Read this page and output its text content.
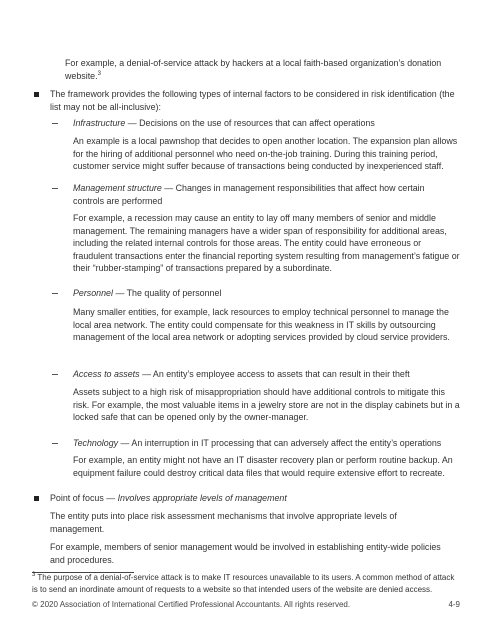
For example, a denial-of-service attack by hackers at a local faith-based organization’s donation website.$^3$

The framework provides the following types of internal factors to be considered in risk identification (the list may not be all-inclusive):

Infrastructure — Decisions on the use of resources that can affect operations

An example is a local pawnshop that decides to open another location. The expansion plan allows for the hiring of additional personnel who need on-the-job training. During this training period, customer service might suffer because of transactions being conducted by inexperienced staff.

Management structure — Changes in management responsibilities that affect how certain controls are performed

For example, a recession may cause an entity to lay off many members of senior and middle management. The remaining managers have a wider span of responsibility for additional areas, including the related internal controls for those areas. The entity could have erroneous or fraudulent transactions enter the financial reporting system resulting from management’s fatigue or their “rubber-stamping” of transactions prepared by a subordinate.

Personnel — The quality of personnel

Many smaller entities, for example, lack resources to employ technical personnel to manage the local area network. The entity could compensate for this weakness in IT skills by outsourcing management of the local area network or adopting services provided by cloud service providers.

Access to assets — An entity’s employee access to assets that can result in their theft

Assets subject to a high risk of misappropriation should have additional controls to mitigate this risk. For example, the most valuable items in a jewelry store are not in the display cabinets but in a locked safe that can be opened only by the owner-manager.

Technology — An interruption in IT processing that can adversely affect the entity’s operations

For example, an entity might not have an IT disaster recovery plan or perform routine backup. An equipment failure could destroy critical data files that would require extensive effort to recreate.

Point of focus — Involves appropriate levels of management

The entity puts into place risk assessment mechanisms that involve appropriate levels of management.

For example, members of senior management would be involved in establishing entity-wide policies and procedures.

$^3$ The purpose of a denial-of-service attack is to make IT resources unavailable to its users. A common method of attack is to send an inordinate amount of requests to a website so that intended users of the website are denied access.

© 2020 Association of International Certified Professional Accountants. All rights reserved.	4-9
